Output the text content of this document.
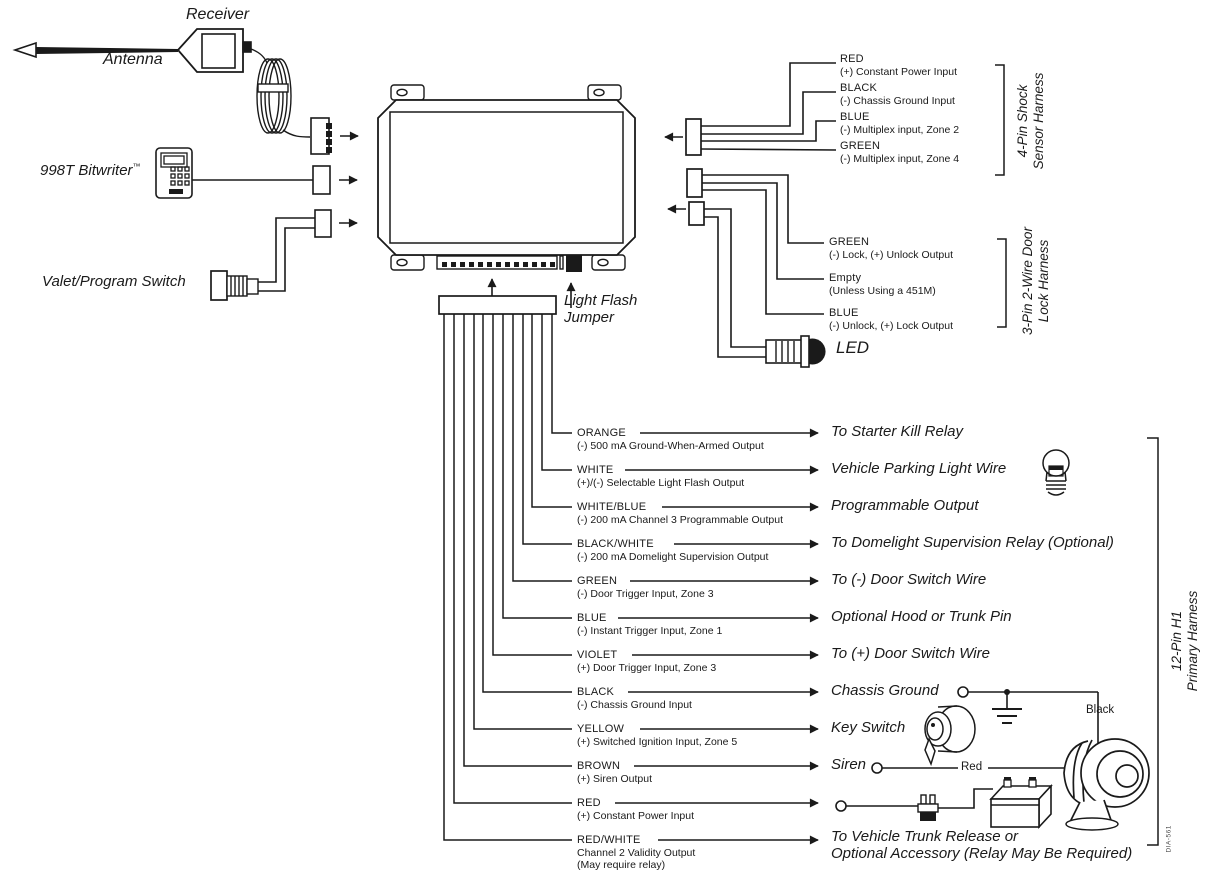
Receiver
Antenna
998T Bitwriter™
Valet/Program Switch
Light Flash
Jumper
RED
(+) Constant Power Input
BLACK
(-) Chassis Ground Input
BLUE
(-) Multiplex input, Zone 2
GREEN
(-) Multiplex input, Zone 4
4-Pin Shock Sensor Harness
GREEN
(-) Lock, (+) Unlock Output
Empty
(Unless Using a 451M)
BLUE
(-) Unlock, (+) Lock Output	3-Pin 2-Wire Door Lock Harness
LED
ORANGE
(-) 500 mA Ground-When-Armed Output
To Starter Kill Relay
WHITE
(+)/(-) Selectable Light Flash Output
Vehicle Parking Light Wire
WHITE/BLUE
(-) 200 mA Channel 3 Programmable Output
Programmable Output
BLACK/WHITE
(-) 200 mA Domelight Supervision Output
To Domelight Supervision Relay (Optional)
GREEN
(-) Door Trigger Input, Zone 3
To (-) Door Switch Wire
BLUE
(-) Instant Trigger Input, Zone 1
Optional Hood or Trunk Pin
VIOLET
(+) Door Trigger Input, Zone 3
To (+) Door Switch Wire
BLACK
(-) Chassis Ground Input
Chassis Ground
YELLOW
(+) Switched Ignition Input, Zone 5
Key Switch
BROWN
(+) Siren Output
Siren
RED
(+) Constant Power Input
RED/WHITE
Channel 2 Validity Output
(May require relay)
To Vehicle Trunk Release or
Optional Accessory (Relay May Be Required)
Black
Red
12-Pin H1 Primary Harness
DIA-561
